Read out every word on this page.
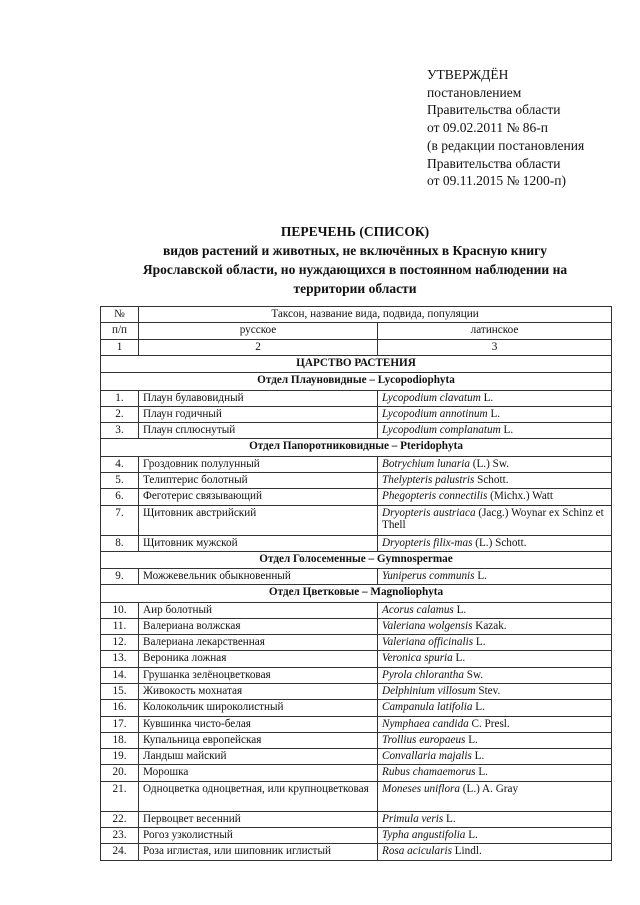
УТВЕРЖДЁН
постановлением
Правительства области
от 09.02.2011 № 86-п
(в редакции постановления
Правительства области
от 09.11.2015 № 1200-п)
ПЕРЕЧЕНЬ (СПИСОК)
видов растений и животных, не включённых в Красную книгу
Ярославской области, но нуждающихся в постоянном наблюдении на
территории области
№	Таксон, название вида, подвида, популяции	
п/п	русское	латинское
1	2	3
ЦАРСТВО РАСТЕНИЯ		
Отдел Плауновидные – Lycopodiophyta		
1.	Плаун булавовидный	Lycopodium clavatum L.
2.	Плаун годичный	Lycopodium annotinum L.
3.	Плаун сплюснутый	Lycopodium complanatum L.
Отдел Папоротниковидные – Pteridophyta		
4.	Гроздовник полулунный	Botrychium lunaria (L.) Sw.
5.	Телиптерис болотный	Thelypteris palustris Schott.
6.	Феготерис связывающий	Phegopteris connectilis (Michx.) Watt
7.	Щитовник австрийский	Dryopteris austriaca (Jacg.) Woynar ex Schinz et Thell
8.	Щитовник мужской	Dryopteris filix-mas (L.) Schott.
Отдел Голосеменные – Gymnospermae		
9.	Можжевельник обыкновенный	Yuniperus communis L.
Отдел Цветковые – Magnoliophyta		
10.	Аир болотный	Acorus calamus L.
11.	Валериана волжская	Valeriana wolgensis Kazak.
12.	Валериана лекарственная	Valeriana officinalis L.
13.	Вероника ложная	Veronica spuria L.
14.	Грушанка зелёноцветковая	Pyrola chlorantha Sw.
15.	Живокость мохнатая	Delphinium villosum Stev.
16.	Колокольчик широколистный	Campanula latifolia L.
17.	Кувшинка чисто-белая	Nymphaea candida C. Presl.
18.	Купальница европейская	Trollius europaeus L.
19.	Ландыш майский	Convallaria majalis L.
20.	Морошка	Rubus chamaemorus L.
21.	Одноцветка одноцветная, или крупноцветковая	Moneses uniflora (L.) A. Gray
22.	Первоцвет весенний	Primula veris L.
23.	Рогоз узколистный	Typha angustifolia L.
24.	Роза иглистая, или шиповник иглистый	Rosa acicularis Lindl.
